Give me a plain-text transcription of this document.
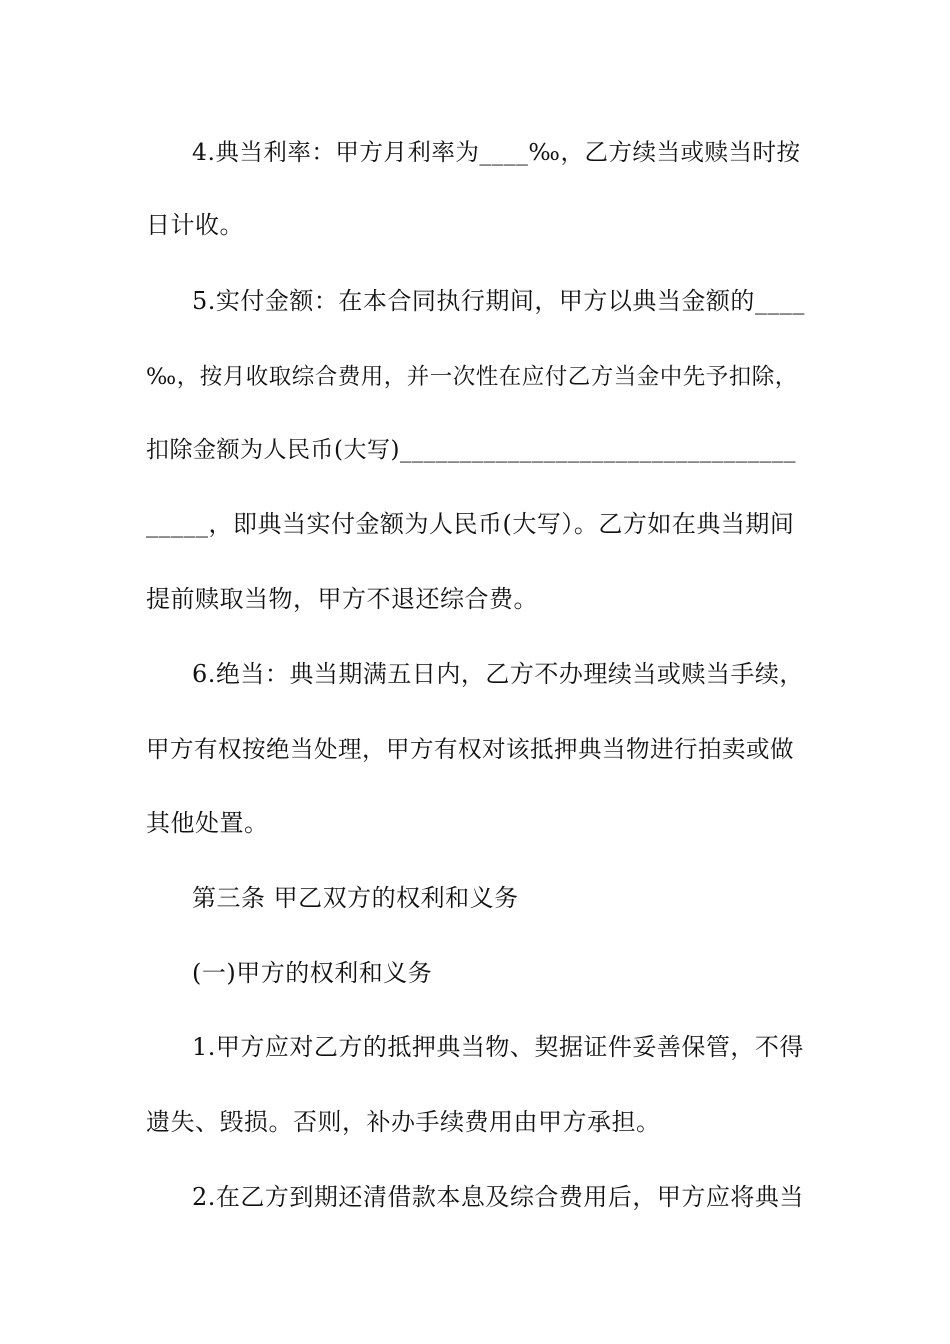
4.典当利率：甲方月利率为____‰，乙方续当或赎当时按
日计收。
5.实付金额：在本合同执行期间，甲方以典当金额的____
‰，按月收取综合费用，并一次性在应付乙方当金中先予扣除，
扣除金额为人民币(大写)_________________________________
_____，即典当实付金额为人民币(大写）。乙方如在典当期间
提前赎取当物，甲方不退还综合费。
6.绝当：典当期满五日内，乙方不办理续当或赎当手续，
甲方有权按绝当处理，甲方有权对该抵押典当物进行拍卖或做
其他处置。
第三条 甲乙双方的权利和义务
(一)甲方的权利和义务
1.甲方应对乙方的抵押典当物、契据证件妥善保管，不得
遗失、毁损。否则，补办手续费用由甲方承担。
2.在乙方到期还清借款本息及综合费用后，甲方应将典当
